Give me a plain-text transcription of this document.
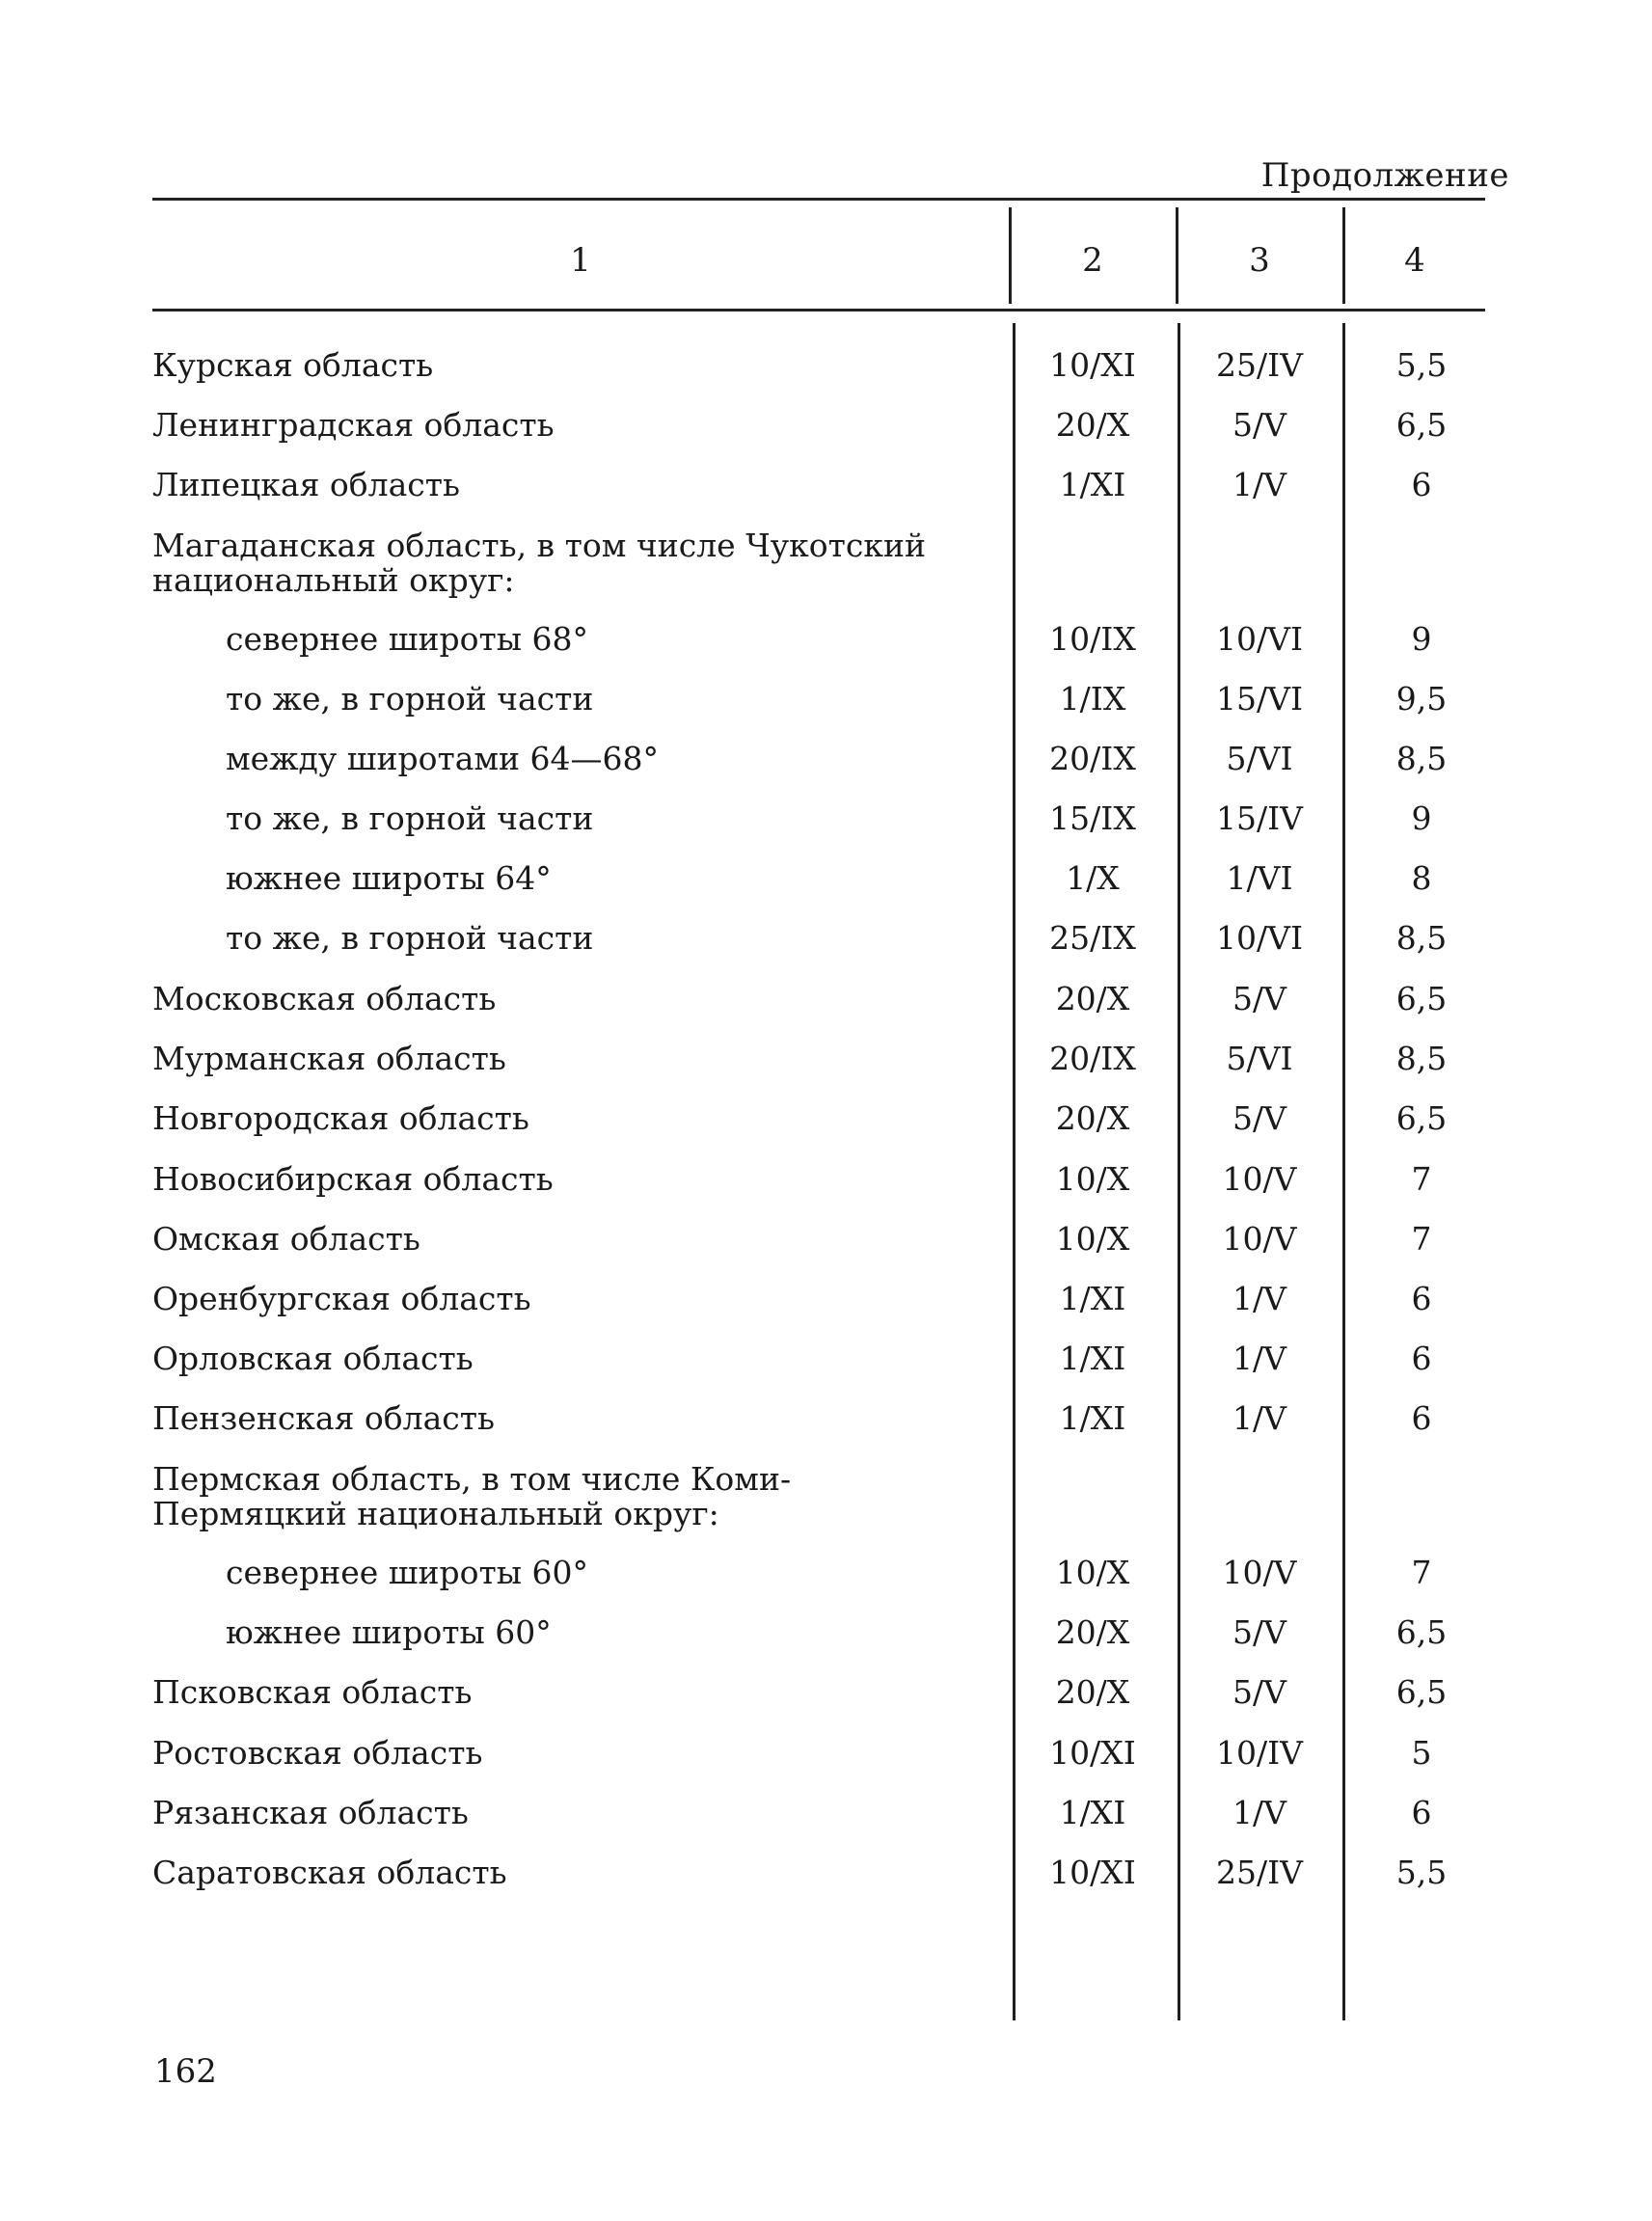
Продолжение
1	2	3	4
Курская область	10/XI	25/IV	5,5
Ленинградская область	20/X	5/V	6,5
Липецкая область	1/XI	1/V	6
Магаданская область, в том числе Чукотский национальный округ:
севернее широты 68°	10/IX	10/VI	9
то же, в горной части	1/IX	15/VI	9,5
между широтами 64—68°	20/IX	5/VI	8,5
то же, в горной части	15/IX	15/IV	9
южнее широты 64°	1/X	1/VI	8
то же, в горной части	25/IX	10/VI	8,5
Московская область	20/X	5/V	6,5
Мурманская область	20/IX	5/VI	8,5
Новгородская область	20/X	5/V	6,5
Новосибирская область	10/X	10/V	7
Омская область	10/X	10/V	7
Оренбургская область	1/XI	1/V	6
Орловская область	1/XI	1/V	6
Пензенская область	1/XI	1/V	6
Пермская область, в том числе Коми-Пермяцкий национальный округ:
севернее широты 60°	10/X	10/V	7
южнее широты 60°	20/X	5/V	6,5
Псковская область	20/X	5/V	6,5
Ростовская область	10/XI	10/IV	5
Рязанская область	1/XI	1/V	6
Саратовская область	10/XI	25/IV	5,5
162
